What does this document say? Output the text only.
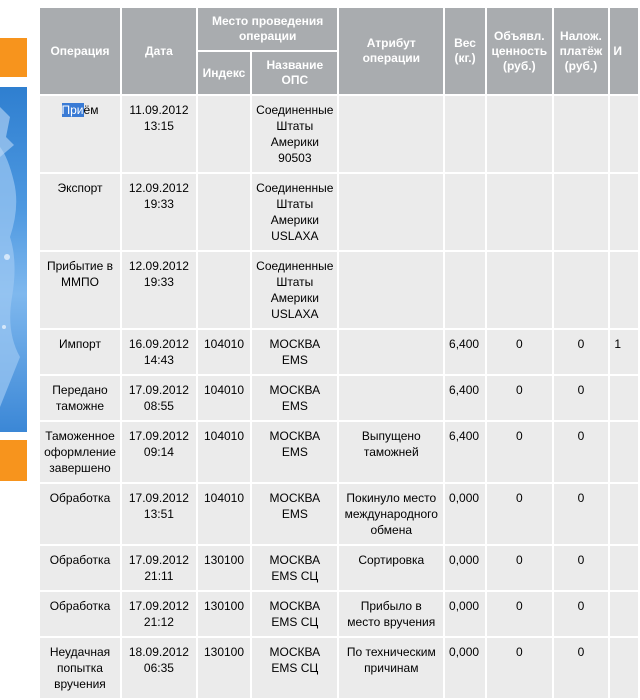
Операция	Дата	Место проведения операции		Атрибут операции	Вес (кг.)	Объявл. ценность (руб.)	Налож. платёж (руб.)	И
		Индекс	Название ОПС					
Приём	11.09.2012 13:15		Соединенные Штаты Америки 90503					
Экспорт	12.09.2012 19:33		Соединенные Штаты Америки USLAXA					
Прибытие в ММПО	12.09.2012 19:33		Соединенные Штаты Америки USLAXA					
Импорт	16.09.2012 14:43	104010	МОСКВА EMS		6,400	0	0	1
Передано таможне	17.09.2012 08:55	104010	МОСКВА EMS		6,400	0	0	
Таможенное оформление завершено	17.09.2012 09:14	104010	МОСКВА EMS	Выпущено таможней	6,400	0	0	
Обработка	17.09.2012 13:51	104010	МОСКВА EMS	Покинуло место международного обмена	0,000	0	0	
Обработка	17.09.2012 21:11	130100	МОСКВА EMS СЦ	Сортировка	0,000	0	0	
Обработка	17.09.2012 21:12	130100	МОСКВА EMS СЦ	Прибыло в место вручения	0,000	0	0	
Неудачная попытка вручения	18.09.2012 06:35	130100	МОСКВА EMS СЦ	По техническим причинам	0,000	0	0	
